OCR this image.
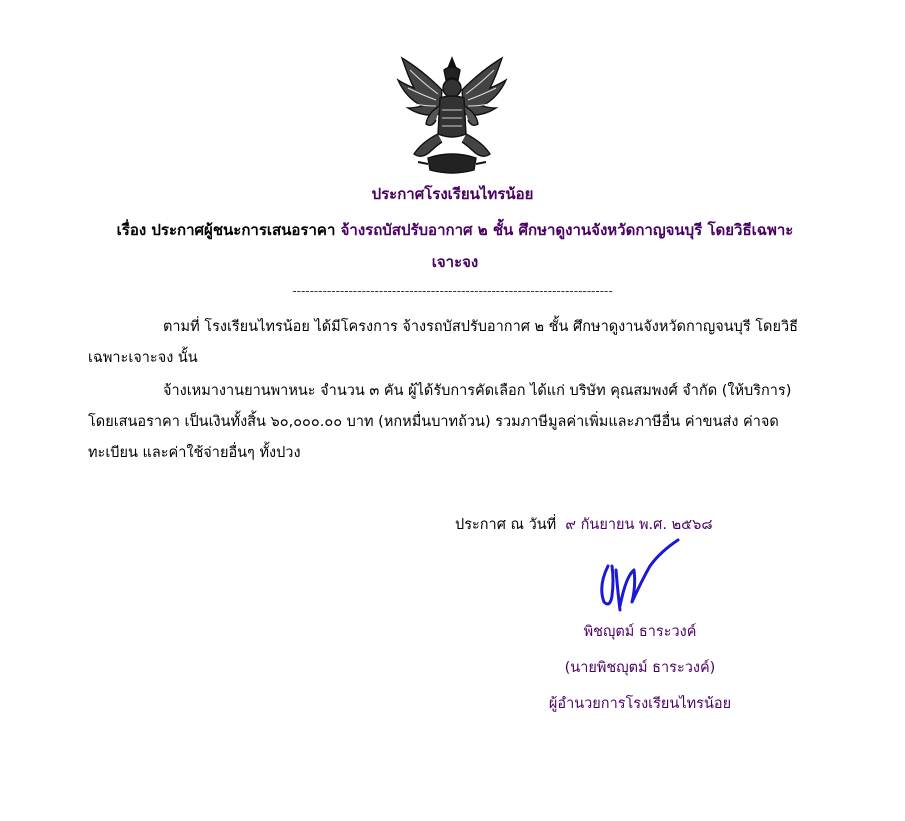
ประกาศโรงเรียนไทรน้อย
เรื่อง ประกาศผู้ชนะการเสนอราคา จ้างรถบัสปรับอากาศ ๒ ชั้น ศึกษาดูงานจังหวัดกาญจนบุรี โดยวิธีเฉพาะเจาะจง
--------------------------------------------------------------------------
ตามที่ โรงเรียนไทรน้อย ได้มีโครงการ จ้างรถบัสปรับอากาศ ๒ ชั้น ศึกษาดูงานจังหวัดกาญจนบุรี โดยวิธีเฉพาะเจาะจง นั้น
จ้างเหมางานยานพาหนะ จำนวน ๓ คัน ผู้ได้รับการคัดเลือก ได้แก่ บริษัท คุณสมพงศ์ จำกัด (ให้บริการ) โดยเสนอราคา เป็นเงินทั้งสิ้น ๖๐,๐๐๐.๐๐ บาท (หกหมื่นบาทถ้วน) รวมภาษีมูลค่าเพิ่มและภาษีอื่น ค่าขนส่ง ค่าจดทะเบียน และค่าใช้จ่ายอื่นๆ ทั้งปวง
ประกาศ ณ วันที่ ๙ กันยายน พ.ศ. ๒๕๖๘
พิชญุตม์ ธาระวงค์
(นายพิชญุตม์ ธาระวงค์)
ผู้อำนวยการโรงเรียนไทรน้อย
